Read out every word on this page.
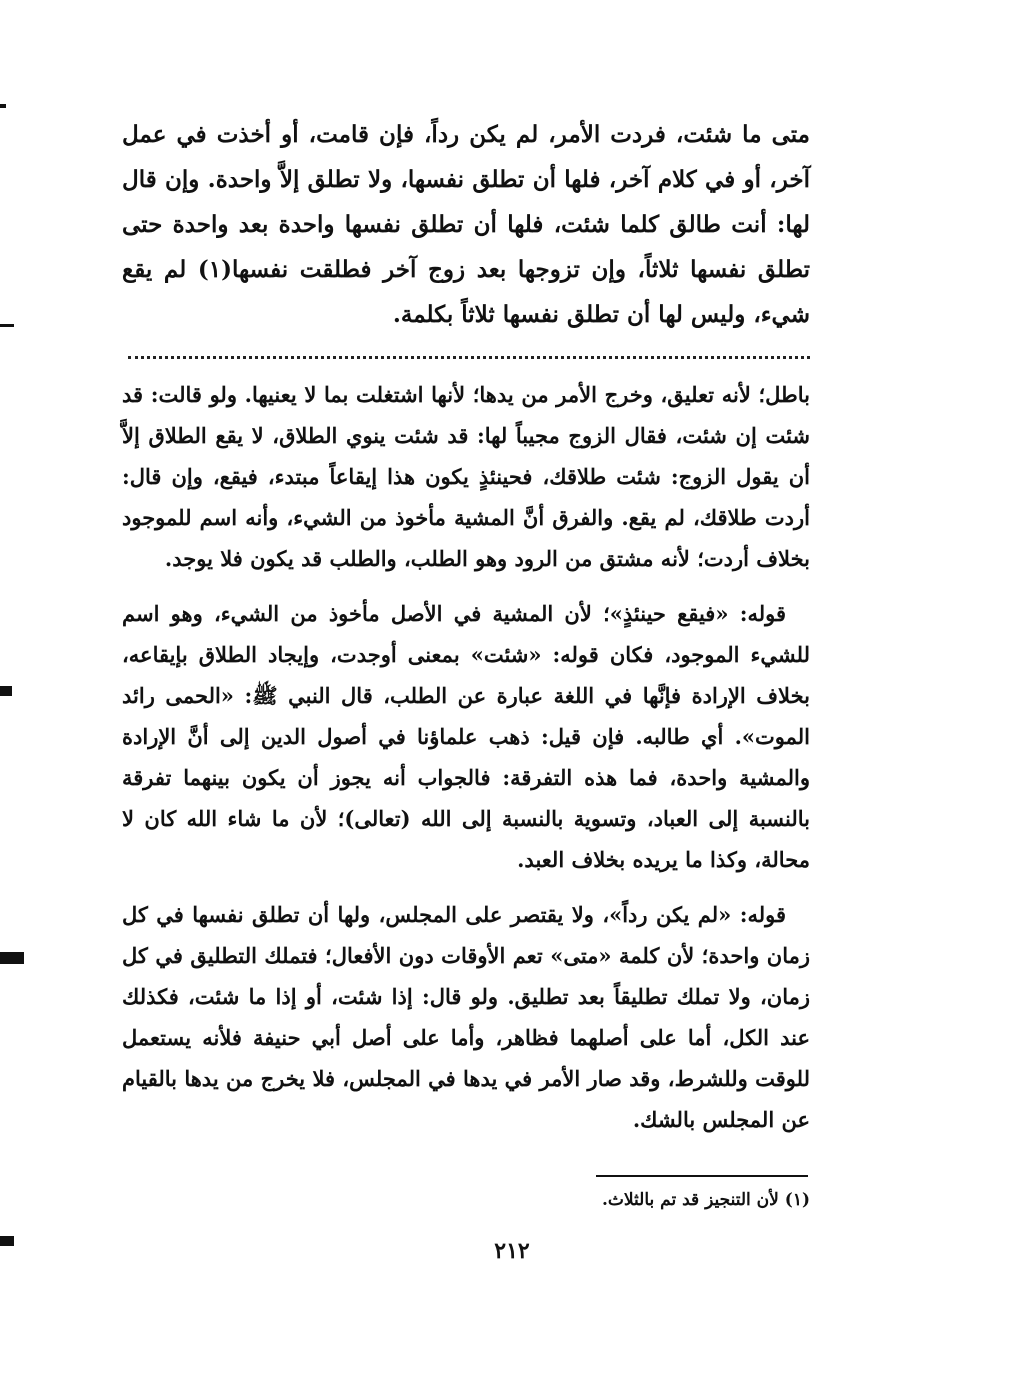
متى ما شئت، فردت الأمر، لم يكن رداً، فإن قامت، أو أخذت في عمل آخر، أو في كلام آخر، فلها أن تطلق نفسها، ولا تطلق إلاَّ واحدة. وإن قال لها: أنت طالق كلما شئت، فلها أن تطلق نفسها واحدة بعد واحدة حتى تطلق نفسها ثلاثاً، وإن تزوجها بعد زوج آخر فطلقت نفسها(١) لم يقع شيء، وليس لها أن تطلق نفسها ثلاثاً بكلمة.

باطل؛ لأنه تعليق، وخرج الأمر من يدها؛ لأنها اشتغلت بما لا يعنيها. ولو قالت: قد شئت إن شئت، فقال الزوج مجيباً لها: قد شئت ينوي الطلاق، لا يقع الطلاق إلاَّ أن يقول الزوج: شئت طلاقك، فحينئذٍ يكون هذا إيقاعاً مبتدء، فيقع، وإن قال: أردت طلاقك، لم يقع. والفرق أنَّ المشية مأخوذ من الشيء، وأنه اسم للموجود بخلاف أردت؛ لأنه مشتق من الرود وهو الطلب، والطلب قد يكون فلا يوجد.

قوله: «فيقع حينئذٍ»؛ لأن المشية في الأصل مأخوذ من الشيء، وهو اسم للشيء الموجود، فكان قوله: «شئت» بمعنى أوجدت، وإيجاد الطلاق بإيقاعه، بخلاف الإرادة فإنَّها في اللغة عبارة عن الطلب، قال النبي ﷺ: «الحمى رائد الموت». أي طالبه. فإن قيل: ذهب علماؤنا في أصول الدين إلى أنَّ الإرادة والمشية واحدة، فما هذه التفرقة: فالجواب أنه يجوز أن يكون بينهما تفرقة بالنسبة إلى العباد، وتسوية بالنسبة إلى الله (تعالى)؛ لأن ما شاء الله كان لا محالة، وكذا ما يريده بخلاف العبد.

قوله: «لم يكن رداً»، ولا يقتصر على المجلس، ولها أن تطلق نفسها في كل زمان واحدة؛ لأن كلمة «متى» تعم الأوقات دون الأفعال؛ فتملك التطليق في كل زمان، ولا تملك تطليقاً بعد تطليق. ولو قال: إذا شئت، أو إذا ما شئت، فكذلك عند الكل، أما على أصلهما فظاهر، وأما على أصل أبي حنيفة فلأنه يستعمل للوقت وللشرط، وقد صار الأمر في يدها في المجلس، فلا يخرج من يدها بالقيام عن المجلس بالشك.

(١) لأن التنجيز قد تم بالثلاث.
٢١٢
